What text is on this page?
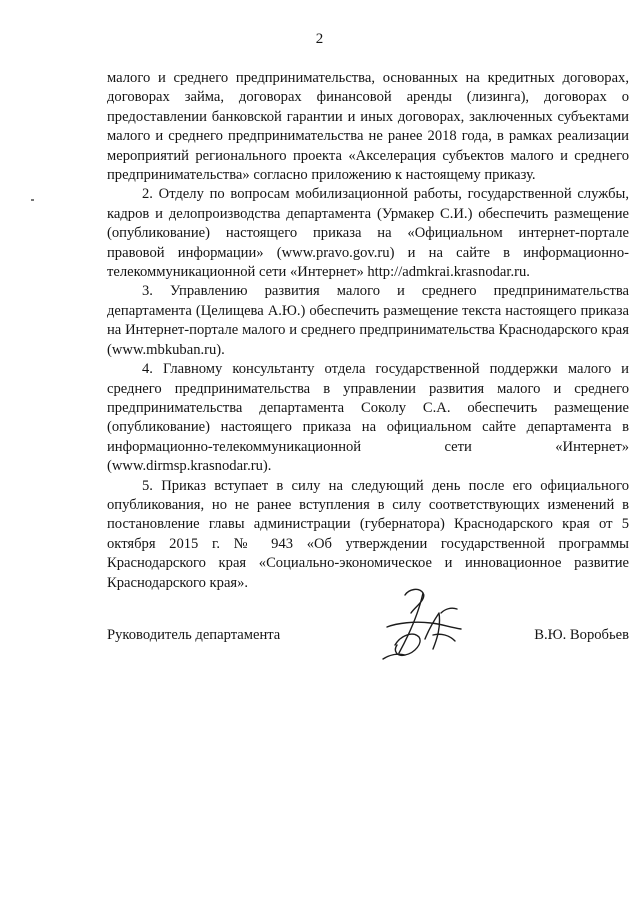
2

малого и среднего предпринимательства, основанных на кредитных договорах, договорах займа, договорах финансовой аренды (лизинга), договорах о предоставлении банковской гарантии и иных договорах, заключенных субъектами малого и среднего предпринимательства не ранее 2018 года, в рамках реализации мероприятий регионального проекта «Акселерация субъектов малого и среднего предпринимательства» согласно приложению к настоящему приказу.

2. Отделу по вопросам мобилизационной работы, государственной службы, кадров и делопроизводства департамента (Урмакер С.И.) обеспечить размещение (опубликование) настоящего приказа на «Официальном интернет-портале правовой информации» (www.pravo.gov.ru) и на сайте в информационно-телекоммуникационной сети «Интернет» http://admkrai.krasnodar.ru.

3. Управлению развития малого и среднего предпринимательства департамента (Целищева А.Ю.) обеспечить размещение текста настоящего приказа на Интернет-портале малого и среднего предпринимательства Краснодарского края (www.mbkuban.ru).

4. Главному консультанту отдела государственной поддержки малого и среднего предпринимательства в управлении развития малого и среднего предпринимательства департамента Соколу С.А. обеспечить размещение (опубликование) настоящего приказа на официальном сайте департамента в информационно-телекоммуникационной сети «Интернет» (www.dirmsp.krasnodar.ru).

5. Приказ вступает в силу на следующий день после его официального опубликования, но не ранее вступления в силу соответствующих изменений в постановление главы администрации (губернатора) Краснодарского края от 5 октября 2015 г. № 943 «Об утверждении государственной программы Краснодарского края «Социально-экономическое и инновационное развитие Краснодарского края».

Руководитель департамента	В.Ю. Воробьев
